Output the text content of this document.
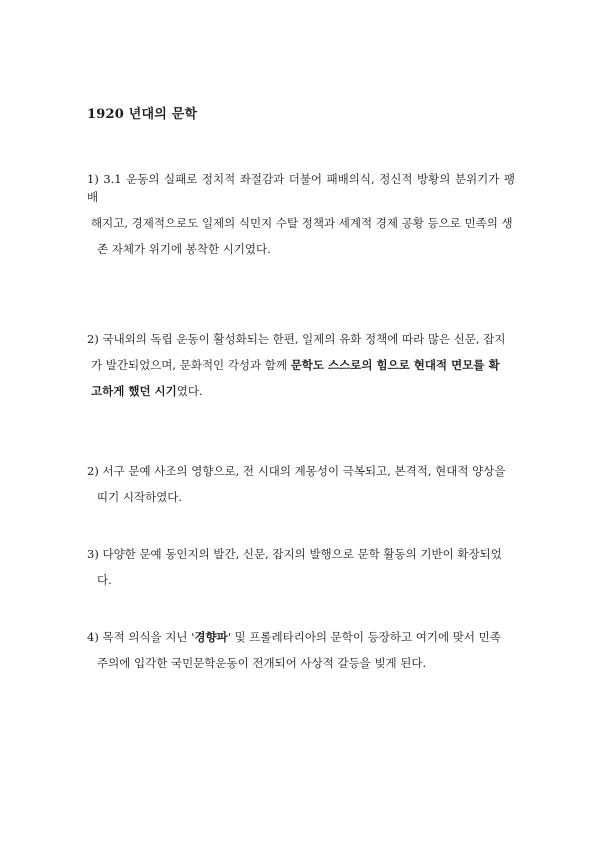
1920 년대의 문학
1) 3.1 운동의 실패로 정치적 좌절감과 더불어 패배의식, 정신적 방황의 분위기가 팽배
해지고, 경제적으로도 일제의 식민지 수탈 정책과 세계적 경제 공황 등으로 민족의 생
존 자체가 위기에 봉착한 시기였다.
2) 국내외의 독립 운동이 활성화되는 한편, 일제의 유화 정책에 따라 많은 신문, 잡지
가 발간되었으며, 문화적인 각성과 함께 문학도 스스로의 힘으로 현대적 면모를 확
고하게 했던 시기였다.
2) 서구 문예 사조의 영향으로, 전 시대의 계몽성이 극복되고, 본격적, 현대적 양상을
띠기 시작하였다.
3) 다양한 문예 동인지의 발간, 신문, 잡지의 발행으로 문학 활동의 기반이 확장되었
다.
4) 목적 의식을 지닌 '경향파' 및 프롤레타리아의 문학이 등장하고 여기에 맞서 민족
주의에 입각한 국민문학운동이 전개되어 사상적 갈등을 빚게 된다.
